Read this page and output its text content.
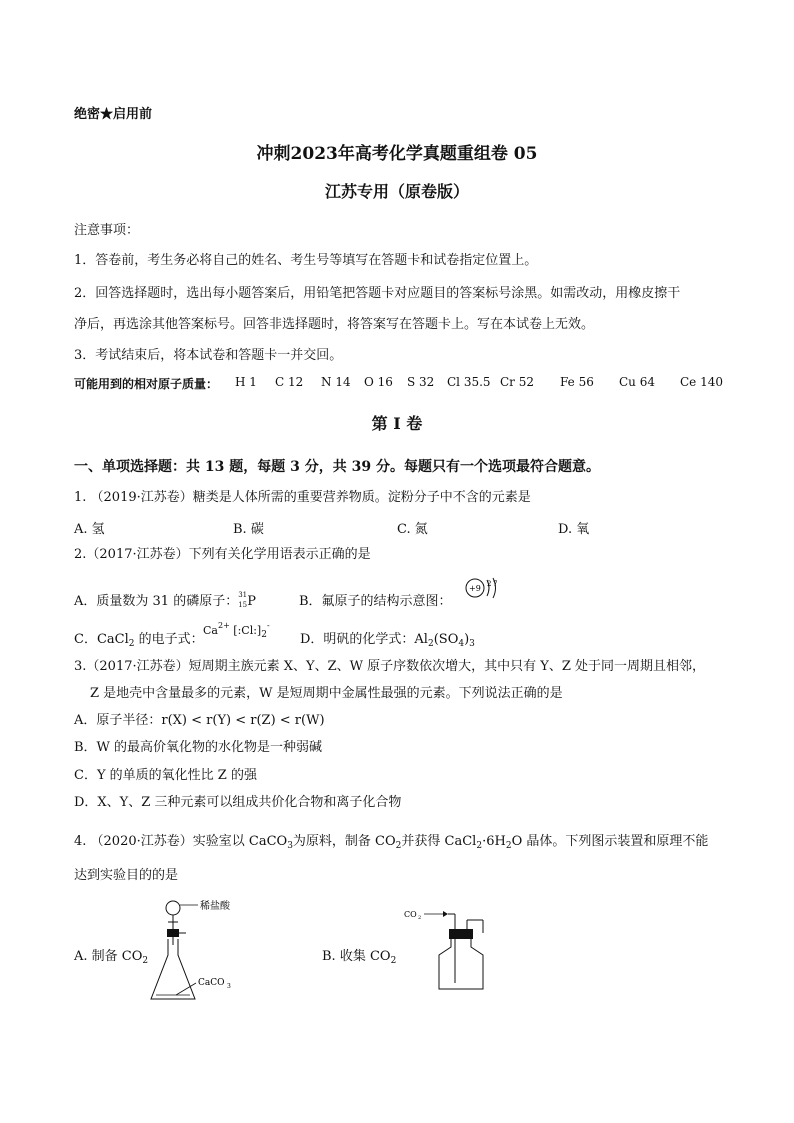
绝密★启用前
冲刺2023年高考化学真题重组卷 05
江苏专用（原卷版）
注意事项：
1．答卷前，考生务必将自己的姓名、考生号等填写在答题卡和试卷指定位置上。
2．回答选择题时，选出每小题答案后，用铅笔把答题卡对应题目的答案标号涂黑。如需改动，用橡皮擦干
净后，再选涂其他答案标号。回答非选择题时，将答案写在答题卡上。写在本试卷上无效。
3．考试结束后，将本试卷和答题卡一并交回。
可能用到的相对原子质量： H 1 C 12 N 14 O 16 S 32 Cl 35.5 Cr 52 Fe 56 Cu 64 Ce 140
第 I 卷
一、单项选择题：共 13 题，每题 3 分，共 39 分。每题只有一个选项最符合题意。
1. （2019·江苏卷）糖类是人体所需的重要营养物质。淀粉分子中不含的元素是
A. 氢	B. 碳	C. 氮	D. 氧
2.（2017·江苏卷）下列有关化学用语表示正确的是
A．质量数为 31 的磷原子： 31
15 P	B．氟原子的结构示意图：
+9 2 7
C．CaCl$_2$ 的电子式：
$Ca^{2+}$ $[:Cl:]_2^-$
D．明矾的化学式：$Al_2(SO_4)_3$
3.（2017·江苏卷）短周期主族元素 X、Y、Z、W 原子序数依次增大，其中只有 Y、Z 处于同一周期且相邻，
Z 是地壳中含量最多的元素，W 是短周期中金属性最强的元素。下列说法正确的是
A．原子半径：r(X) < r(Y) < r(Z) < r(W)
B．W 的最高价氧化物的水化物是一种弱碱
C．Y 的单质的氧化性比 Z 的强
D．X、Y、Z 三种元素可以组成共价化合物和离子化合物
4. （2020·江苏卷）实验室以 CaCO$_3$为原料，制备 $CO_2$并获得 $CaCl_2\cdot 6H_2O$ 晶体。下列图示装置和原理不能
达到实验目的的是
A. 制备 $CO_2$
稀盐酸
CaCO 3
B. 收集 $CO_2$
CO 2
